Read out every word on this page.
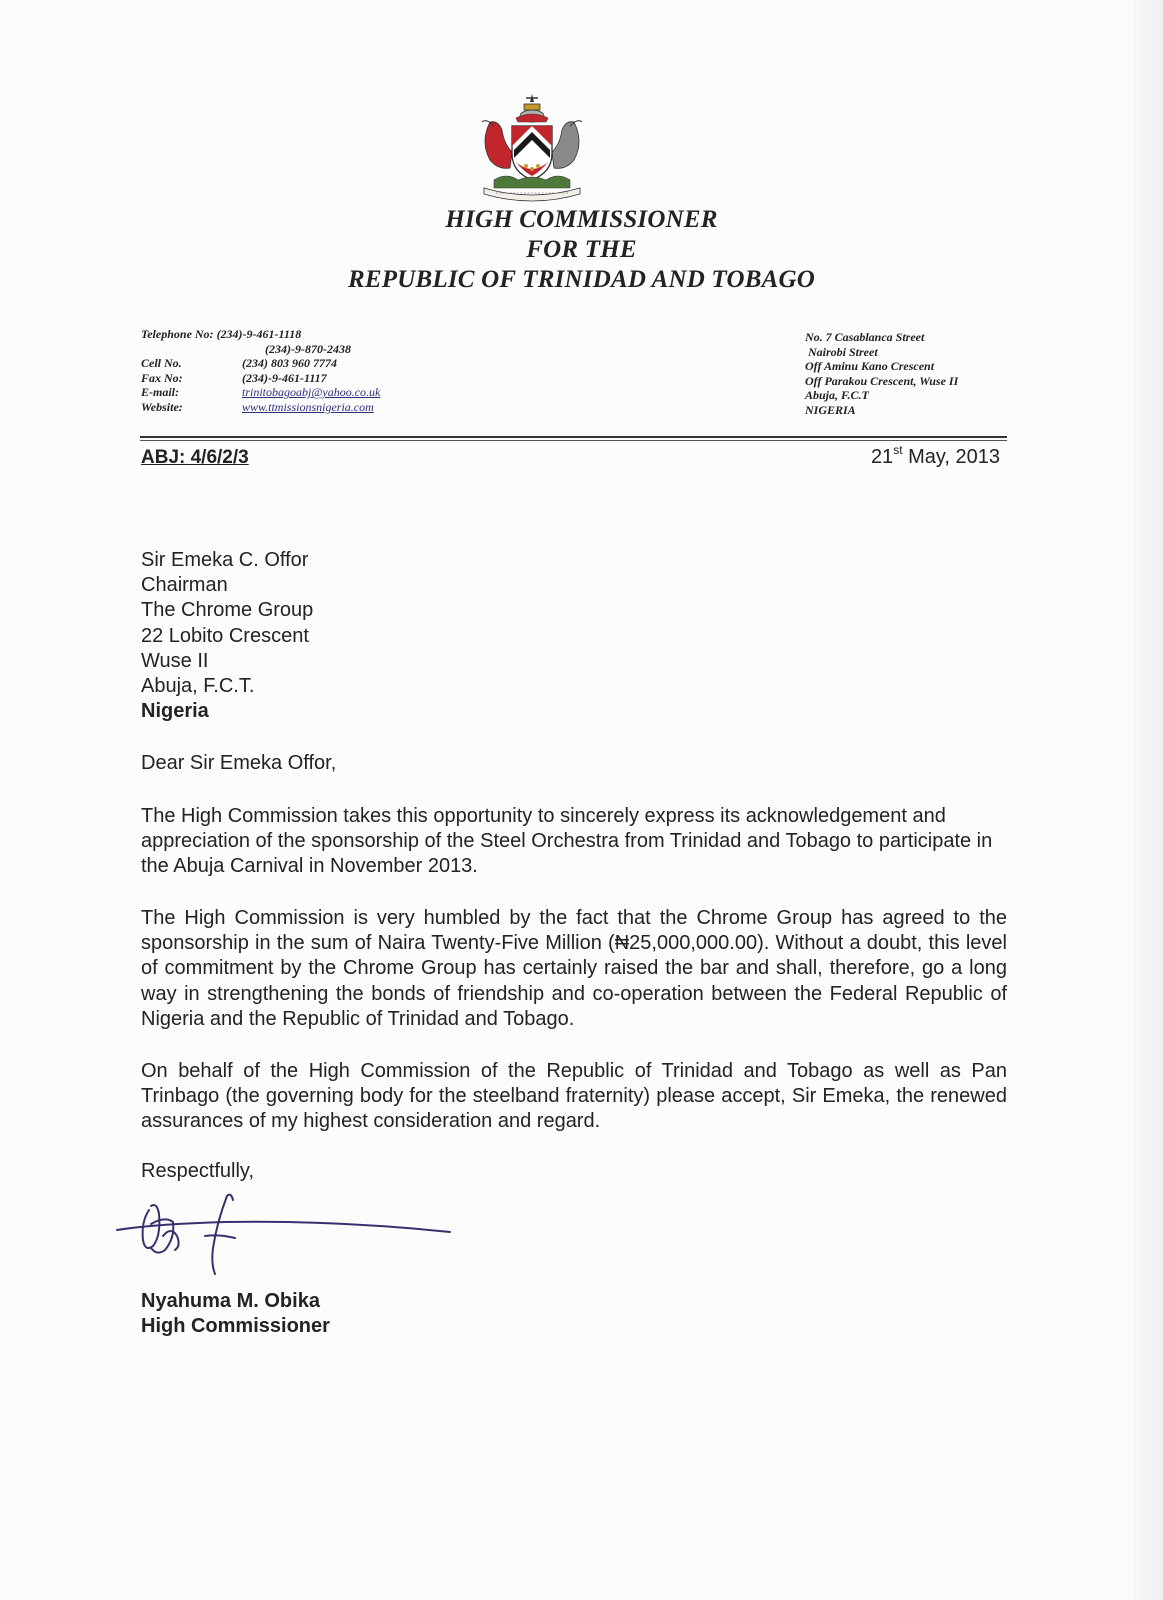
HIGH COMMISSIONER
FOR THE
REPUBLIC OF TRINIDAD AND TOBAGO
Telephone No: (234)-9-461-1118
(234)-9-870-2438
Cell No.	(234) 803 960 7774
Fax No:	(234)-9-461-1117
E-mail:	trinitobagoabj@yahoo.co.uk
Website:	www.ttmissionsnigeria.com
No. 7 Casablanca Street
Nairobi Street
Off Aminu Kano Crescent
Off Parakou Crescent, Wuse II
Abuja, F.C.T
NIGERIA
ABJ: 4/6/2/3	21st May, 2013
Sir Emeka C. Offor
Chairman
The Chrome Group
22 Lobito Crescent
Wuse II
Abuja, F.C.T.
Nigeria
Dear Sir Emeka Offor,
The High Commission takes this opportunity to sincerely express its acknowledgement and appreciation of the sponsorship of the Steel Orchestra from Trinidad and Tobago to participate in the Abuja Carnival in November 2013.
The High Commission is very humbled by the fact that the Chrome Group has agreed to the sponsorship in the sum of Naira Twenty-Five Million (₦25,000,000.00). Without a doubt, this level of commitment by the Chrome Group has certainly raised the bar and shall, therefore, go a long way in strengthening the bonds of friendship and co-operation between the Federal Republic of Nigeria and the Republic of Trinidad and Tobago.
On behalf of the High Commission of the Republic of Trinidad and Tobago as well as Pan Trinbago (the governing body for the steelband fraternity) please accept, Sir Emeka, the renewed assurances of my highest consideration and regard.
Respectfully,
Nyahuma M. Obika
High Commissioner
